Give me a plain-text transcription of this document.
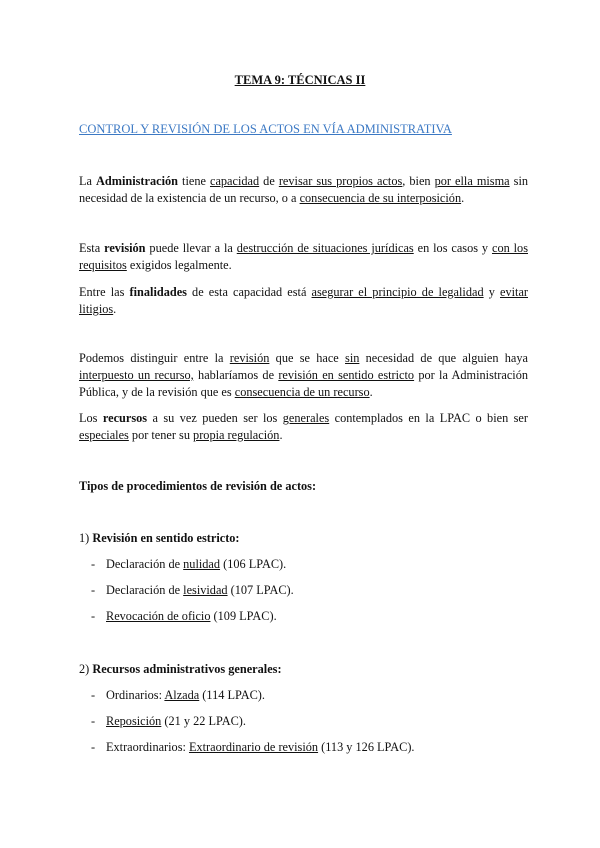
TEMA 9: TÉCNICAS II
CONTROL Y REVISIÓN DE LOS ACTOS EN VÍA ADMINISTRATIVA
La Administración tiene capacidad de revisar sus propios actos, bien por ella misma sin necesidad de la existencia de un recurso, o a consecuencia de su interposición.
Esta revisión puede llevar a la destrucción de situaciones jurídicas en los casos y con los requisitos exigidos legalmente.
Entre las finalidades de esta capacidad está asegurar el principio de legalidad y evitar litigios.
Podemos distinguir entre la revisión que se hace sin necesidad de que alguien haya interpuesto un recurso, hablaríamos de revisión en sentido estricto por la Administración Pública, y de la revisión que es consecuencia de un recurso.
Los recursos a su vez pueden ser los generales contemplados en la LPAC o bien ser especiales por tener su propia regulación.
Tipos de procedimientos de revisión de actos:
1) Revisión en sentido estricto:
- Declaración de nulidad (106 LPAC).
- Declaración de lesividad (107 LPAC).
- Revocación de oficio (109 LPAC).
2) Recursos administrativos generales:
- Ordinarios: Alzada (114 LPAC).
- Reposición (21 y 22 LPAC).
- Extraordinarios: Extraordinario de revisión (113 y 126 LPAC).
